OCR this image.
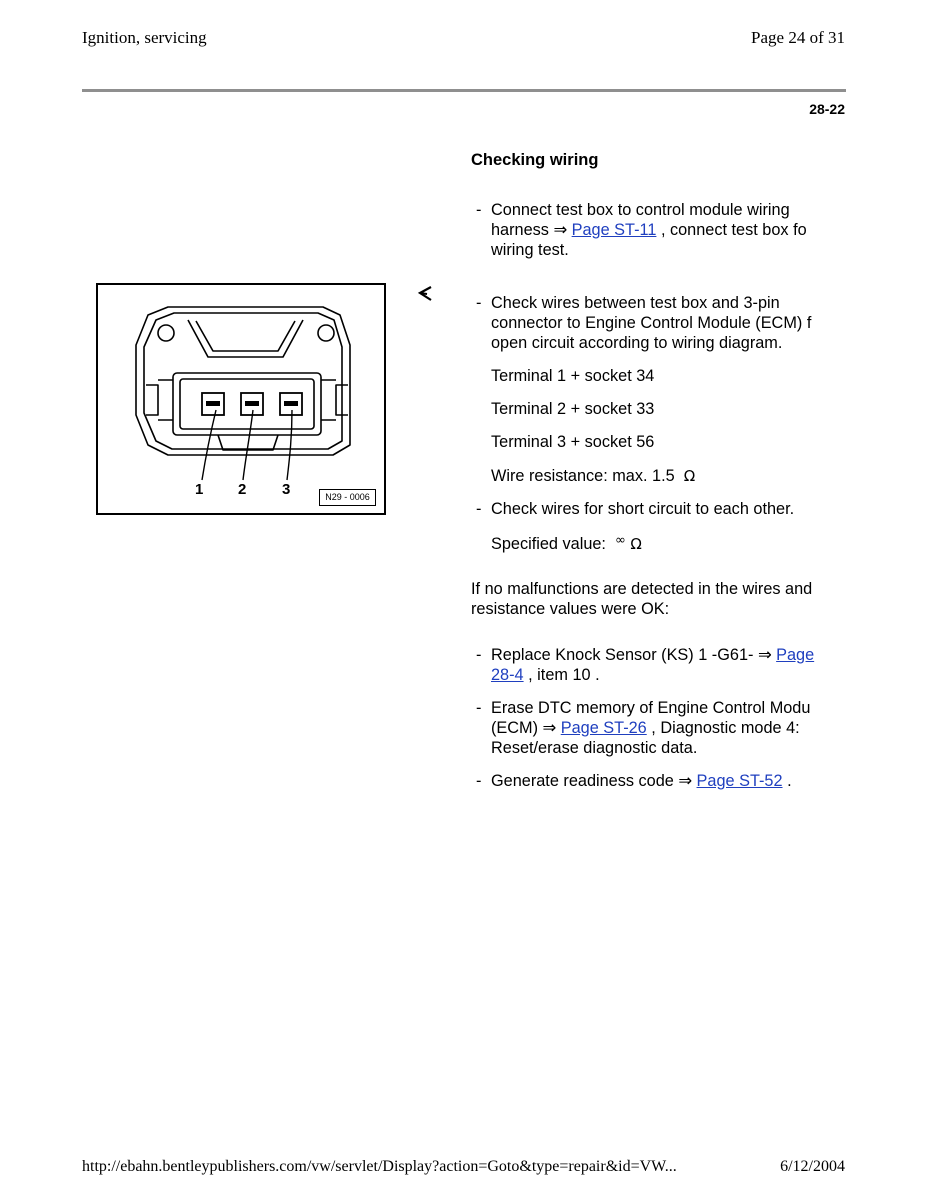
Ignition, servicing	Page 24 of 31
28-22
1 2 3	N29 - 0006
Checking wiring
- Connect test box to control module wiring
harness ⇒ Page ST-11 , connect test box fo
wiring test.
- Check wires between test box and 3-pin
connector to Engine Control Module (ECM) f
open circuit according to wiring diagram.
Terminal 1 + socket 34
Terminal 2 + socket 33
Terminal 3 + socket 56
Wire resistance: max. 1.5 Ω
- Check wires for short circuit to each other.
Specified value: ∞ Ω
If no malfunctions are detected in the wires and
resistance values were OK:
- Replace Knock Sensor (KS) 1 -G61- ⇒ Page
28-4 , item 10 .
- Erase DTC memory of Engine Control Modu
(ECM) ⇒ Page ST-26 , Diagnostic mode 4:
Reset/erase diagnostic data.
- Generate readiness code ⇒ Page ST-52 .
http://ebahn.bentleypublishers.com/vw/servlet/Display?action=Goto&type=repair&id=VW...	6/12/2004
